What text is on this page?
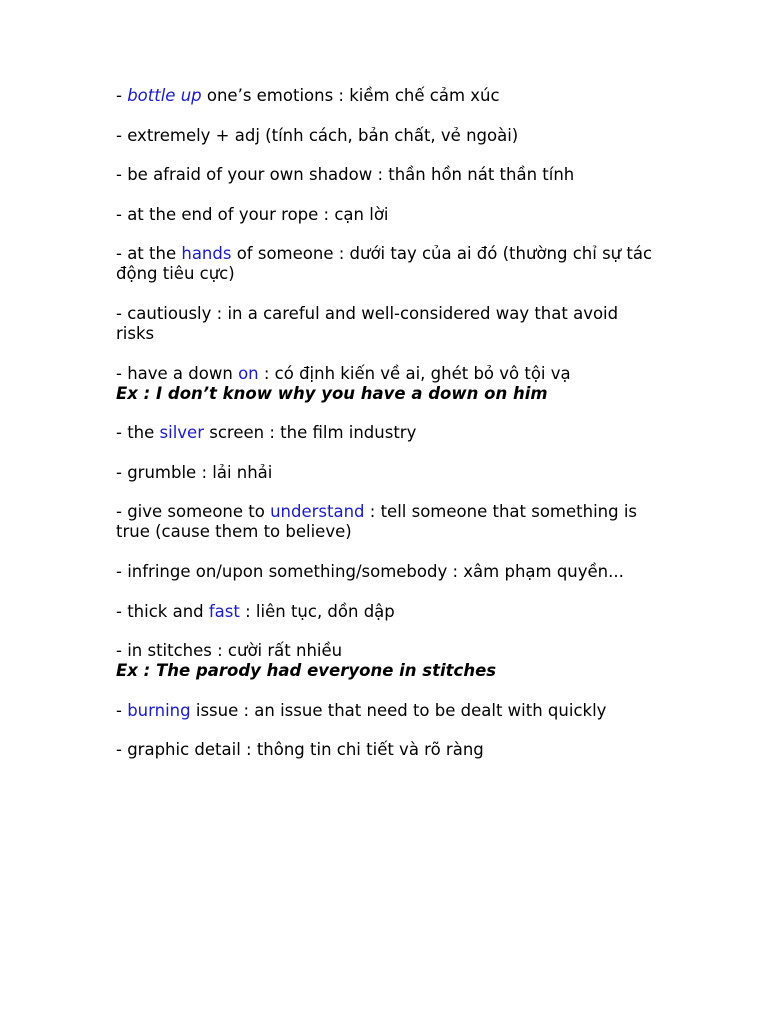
- bottle up one’s emotions : kiềm chế cảm xúc

- extremely + adj (tính cách, bản chất, vẻ ngoài)

- be afraid of your own shadow : thần hồn nát thần tính

- at the end of your rope : cạn lời

- at the hands of someone : dưới tay của ai đó (thường chỉ sự tác động tiêu cực)

- cautiously : in a careful and well-considered way that avoid risks

- have a down on : có định kiến về ai, ghét bỏ vô tội vạ
Ex : I don’t know why you have a down on him

- the silver screen : the film industry

- grumble : lải nhải

- give someone to understand : tell someone that something is true (cause them to believe)

- infringe on/upon something/somebody : xâm phạm quyền...

- thick and fast : liên tục, dồn dập

- in stitches : cười rất nhiều
Ex : The parody had everyone in stitches

- burning issue : an issue that need to be dealt with quickly

- graphic detail : thông tin chi tiết và rõ ràng
